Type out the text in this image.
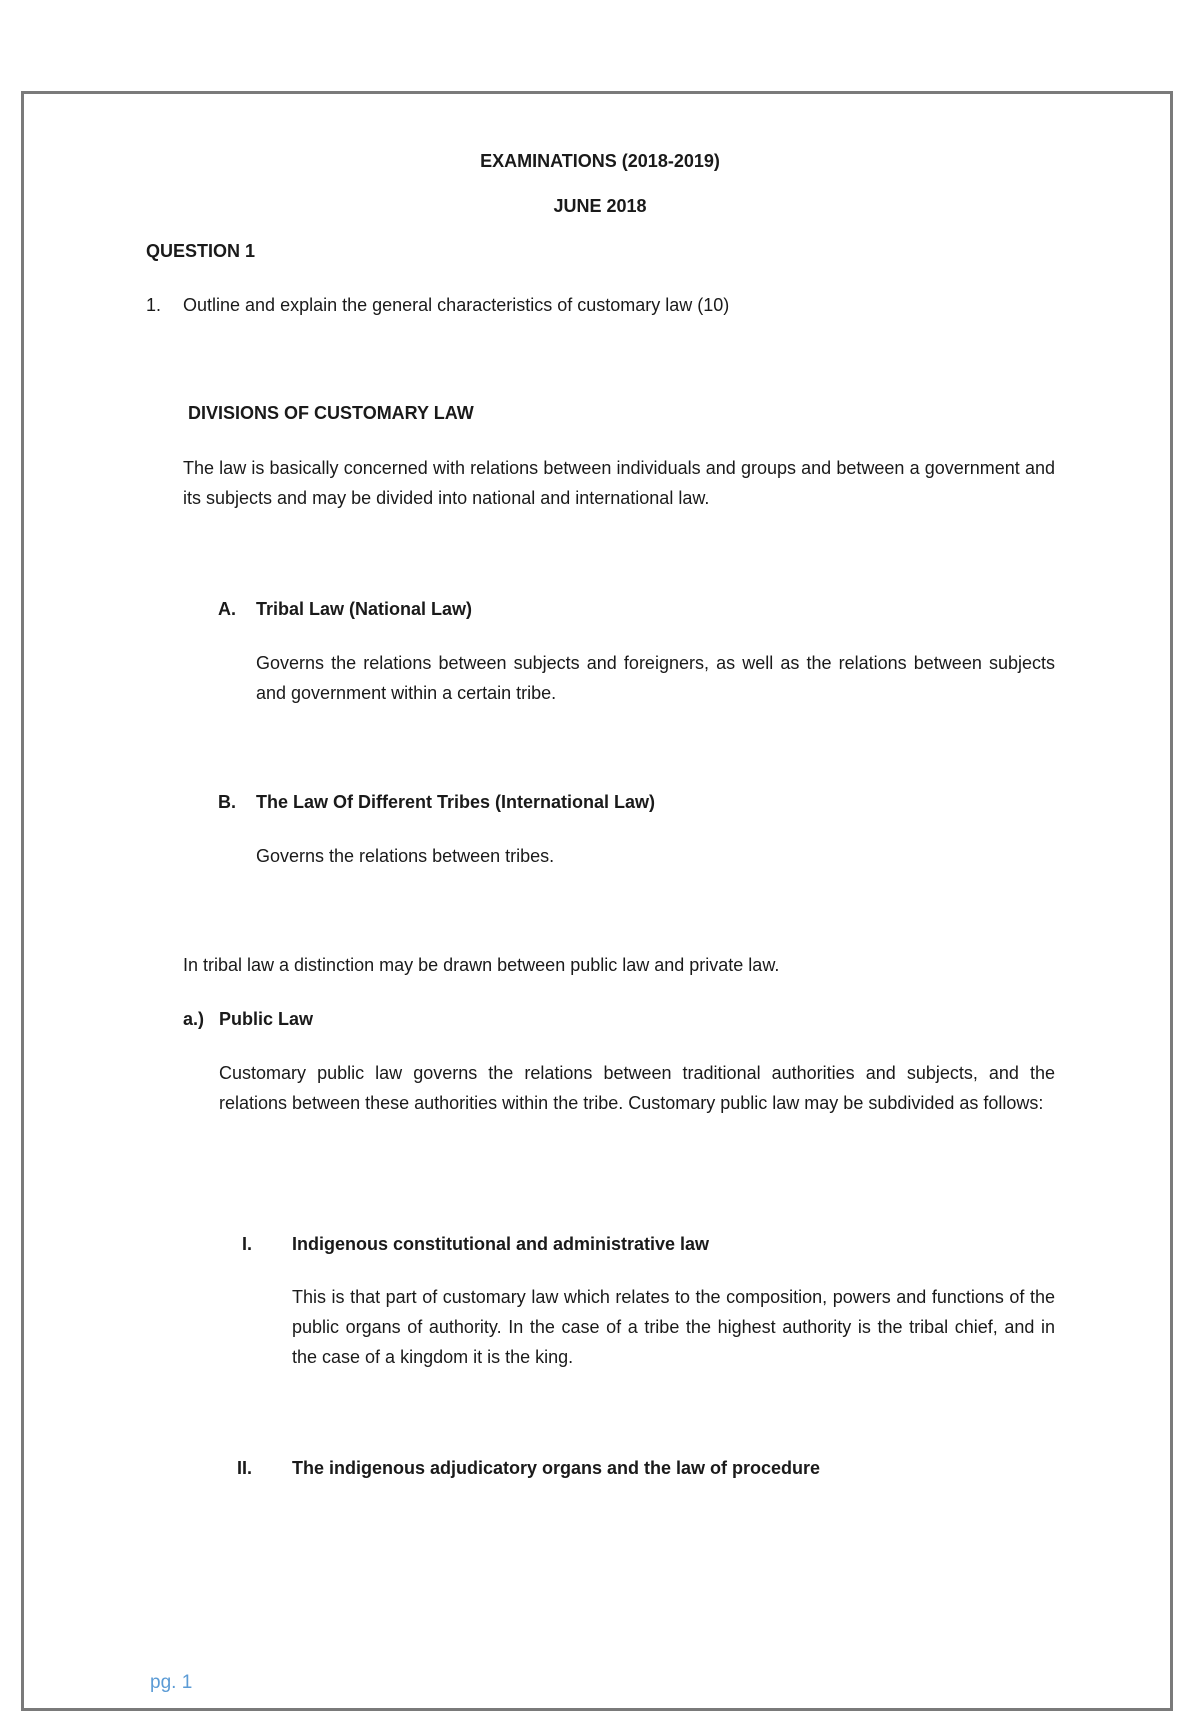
EXAMINATIONS (2018-2019)
JUNE 2018
QUESTION 1
1. Outline and explain the general characteristics of customary law (10)
DIVISIONS OF CUSTOMARY LAW
The law is basically concerned with relations between individuals and groups and between a government and its subjects and may be divided into national and international law.
A. Tribal Law (National Law)
Governs the relations between subjects and foreigners, as well as the relations between subjects and government within a certain tribe.
B. The Law Of Different Tribes (International Law)
Governs the relations between tribes.
In tribal law a distinction may be drawn between public law and private law.
a.) Public Law
Customary public law governs the relations between traditional authorities and subjects, and the relations between these authorities within the tribe. Customary public law may be subdivided as follows:
I. Indigenous constitutional and administrative law
This is that part of customary law which relates to the composition, powers and functions of the public organs of authority. In the case of a tribe the highest authority is the tribal chief, and in the case of a kingdom it is the king.
II. The indigenous adjudicatory organs and the law of procedure
pg. 1
